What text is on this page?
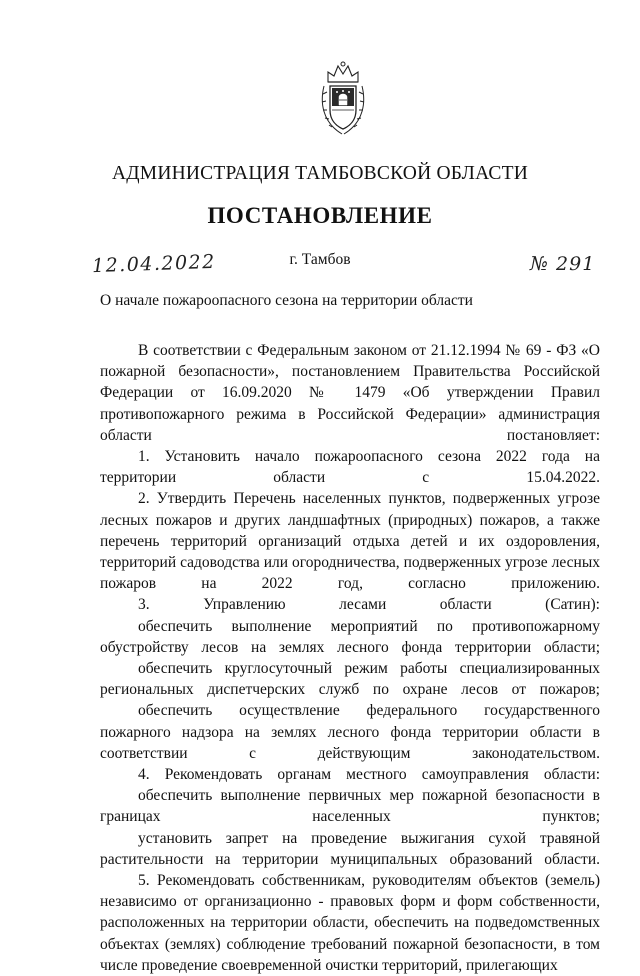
АДМИНИСТРАЦИЯ ТАМБОВСКОЙ ОБЛАСТИ
ПОСТАНОВЛЕНИЕ
12.04.2022	г. Тамбов	№ 291
О начале пожароопасного сезона на территории области

В соответствии с Федеральным законом от 21.12.1994 № 69 - ФЗ «О пожарной безопасности», постановлением Правительства Российской Федерации от 16.09.2020 № 1479 «Об утверждении Правил противопожарного режима в Российской Федерации» администрация области постановляет:

1. Установить начало пожароопасного сезона 2022 года на территории области с 15.04.2022.

2. Утвердить Перечень населенных пунктов, подверженных угрозе лесных пожаров и других ландшафтных (природных) пожаров, а также перечень территорий организаций отдыха детей и их оздоровления, территорий садоводства или огородничества, подверженных угрозе лесных пожаров на 2022 год, согласно приложению.

3. Управлению лесами области (Сатин):

обеспечить выполнение мероприятий по противопожарному обустройству лесов на землях лесного фонда территории области;

обеспечить круглосуточный режим работы специализированных региональных диспетчерских служб по охране лесов от пожаров;

обеспечить осуществление федерального государственного пожарного надзора на землях лесного фонда территории области в соответствии с действующим законодательством.

4. Рекомендовать органам местного самоуправления области:

обеспечить выполнение первичных мер пожарной безопасности в границах населенных пунктов;

установить запрет на проведение выжигания сухой травяной растительности на территории муниципальных образований области.

5. Рекомендовать собственникам, руководителям объектов (земель) независимо от организационно - правовых форм и форм собственности, расположенных на территории области, обеспечить на подведомственных объектах (землях) соблюдение требований пожарной безопасности, в том числе проведение своевременной очистки территорий, прилегающих
